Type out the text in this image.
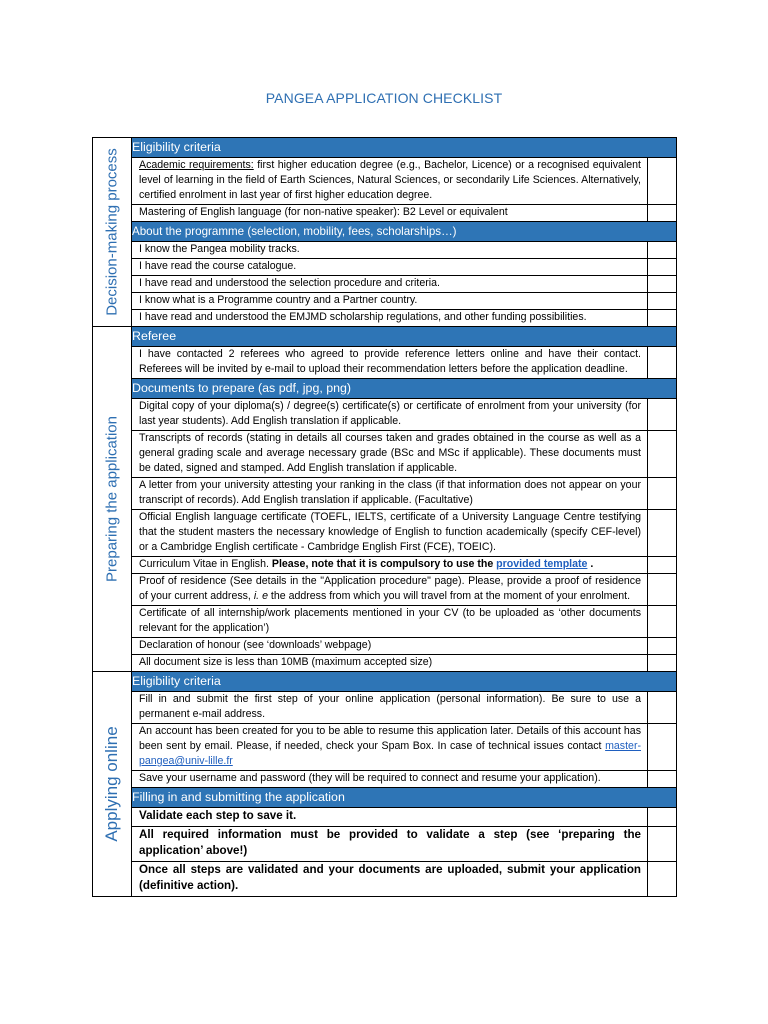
PANGEA APPLICATION CHECKLIST
Decision-making process
Eligibility criteria
Academic requirements: first higher education degree (e.g., Bachelor, Licence) or a recognised equivalent level of learning in the field of Earth Sciences, Natural Sciences, or secondarily Life Sciences. Alternatively, certified enrolment in last year of first higher education degree.
Mastering of English language (for non-native speaker): B2 Level or equivalent
About the programme (selection, mobility, fees, scholarships…)
I know the Pangea mobility tracks.
I have read the course catalogue.
I have read and understood the selection procedure and criteria.
I know what is a Programme country and a Partner country.
I have read and understood the EMJMD scholarship regulations, and other funding possibilities.
Preparing the application
Referee
I have contacted 2 referees who agreed to provide reference letters online and have their contact. Referees will be invited by e-mail to upload their recommendation letters before the application deadline.
Documents to prepare (as pdf, jpg, png)
Digital copy of your diploma(s) / degree(s) certificate(s) or certificate of enrolment from your university (for last year students). Add English translation if applicable.
Transcripts of records (stating in details all courses taken and grades obtained in the course as well as a general grading scale and average necessary grade (BSc and MSc if applicable). These documents must be dated, signed and stamped. Add English translation if applicable.
A letter from your university attesting your ranking in the class (if that information does not appear on your transcript of records). Add English translation if applicable. (Facultative)
Official English language certificate (TOEFL, IELTS, certificate of a University Language Centre testifying that the student masters the necessary knowledge of English to function academically (specify CEF-level) or a Cambridge English certificate - Cambridge English First (FCE), TOEIC).
Curriculum Vitae in English. Please, note that it is compulsory to use the provided template .
Proof of residence (See details in the "Application procedure" page). Please, provide a proof of residence of your current address, i. e the address from which you will travel from at the moment of your enrolment.
Certificate of all internship/work placements mentioned in your CV (to be uploaded as ‘other documents relevant for the application’)
Declaration of honour (see ‘downloads’ webpage)
All document size is less than 10MB (maximum accepted size)
Applying online
Eligibility criteria
Fill in and submit the first step of your online application (personal information). Be sure to use a permanent e-mail address.
An account has been created for you to be able to resume this application later. Details of this account has been sent by email. Please, if needed, check your Spam Box. In case of technical issues contact master-pangea@univ-lille.fr
Save your username and password (they will be required to connect and resume your application).
Filling in and submitting the application
Validate each step to save it.
All required information must be provided to validate a step (see ‘preparing the application’ above!)
Once all steps are validated and your documents are uploaded, submit your application (definitive action).
